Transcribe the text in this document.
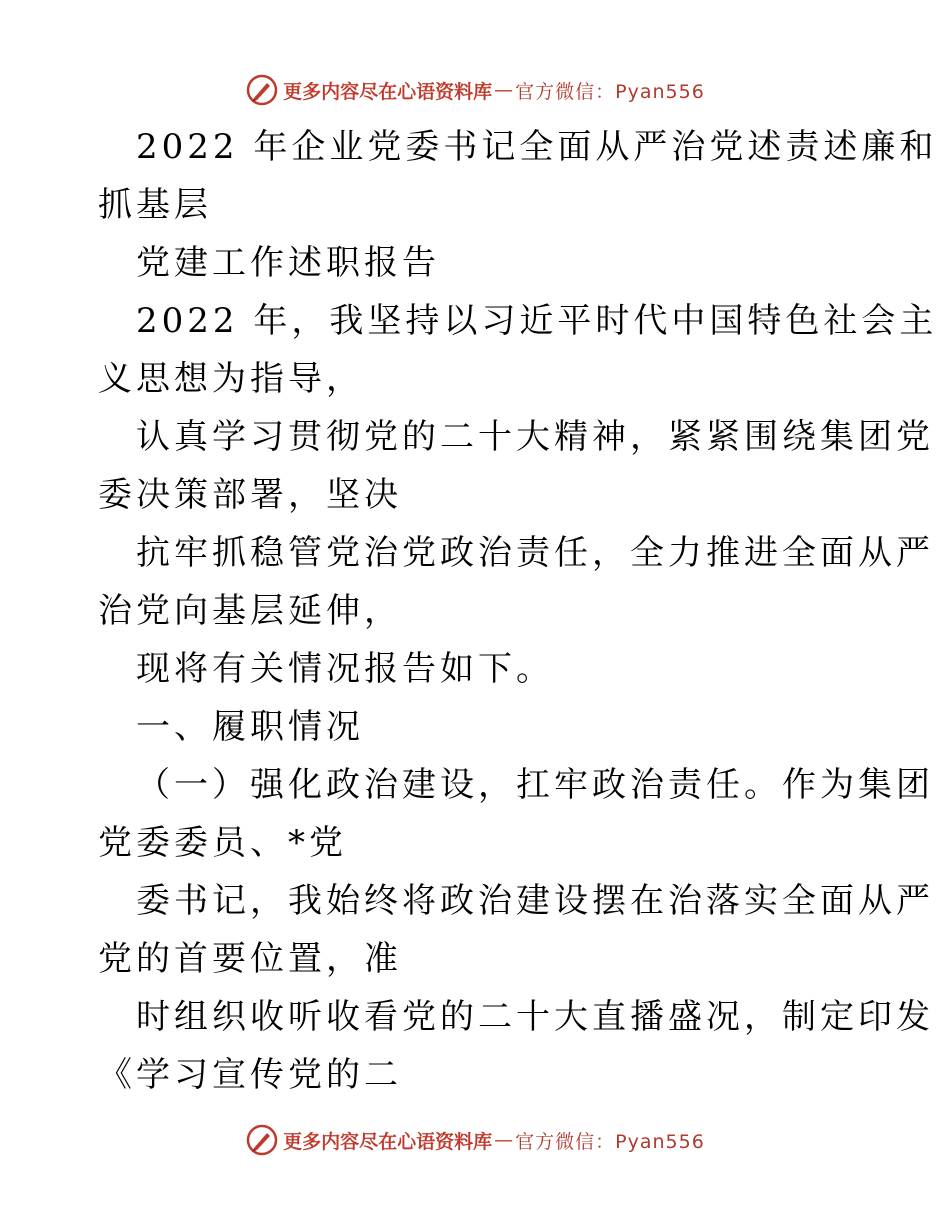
更多内容尽在心语资料库 — 官方微信：Pyan556
2022 年企业党委书记全面从严治党述责述廉和
抓基层
党建工作述职报告
2022 年，我坚持以习近平时代中国特色社会主
义思想为指导，
认真学习贯彻党的二十大精神，紧紧围绕集团党
委决策部署，坚决
抗牢抓稳管党治党政治责任，全力推进全面从严
治党向基层延伸，
现将有关情况报告如下。
一、履职情况
（一）强化政治建设，扛牢政治责任。作为集团
党委委员、*党
委书记，我始终将政治建设摆在治落实全面从严
党的首要位置，准
时组织收听收看党的二十大直播盛况，制定印发
《学习宣传党的二
更多内容尽在心语资料库 — 官方微信：Pyan556
